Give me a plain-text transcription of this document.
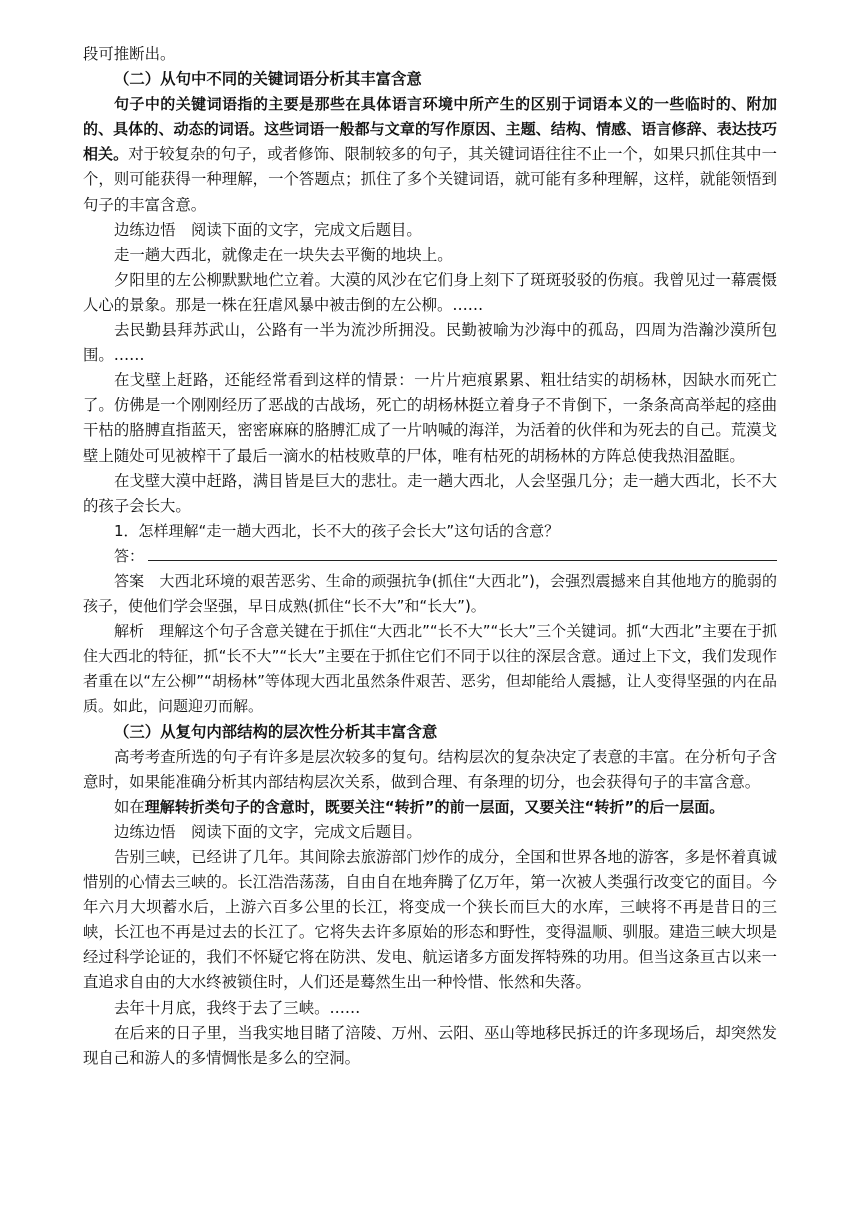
段可推断出。

（二）从句中不同的关键词语分析其丰富含意

句子中的关键词语指的主要是那些在具体语言环境中所产生的区别于词语本义的一些临时的、附加的、具体的、动态的词语。这些词语一般都与文章的写作原因、主题、结构、情感、语言修辞、表达技巧相关。对于较复杂的句子，或者修饰、限制较多的句子，其关键词语往往不止一个，如果只抓住其中一个，则可能获得一种理解，一个答题点；抓住了多个关键词语，就可能有多种理解，这样，就能领悟到句子的丰富含意。

边练边悟　阅读下面的文字，完成文后题目。

走一趟大西北，就像走在一块失去平衡的地块上。

夕阳里的左公柳默默地伫立着。大漠的风沙在它们身上刻下了斑斑驳驳的伤痕。我曾见过一幕震慑人心的景象。那是一株在狂虐风暴中被击倒的左公柳。……

去民勤县拜苏武山，公路有一半为流沙所拥没。民勤被喻为沙海中的孤岛，四周为浩瀚沙漠所包围。……

在戈壁上赶路，还能经常看到这样的情景：一片片疤痕累累、粗壮结实的胡杨林，因缺水而死亡了。仿佛是一个刚刚经历了恶战的古战场，死亡的胡杨林挺立着身子不肯倒下，一条条高高举起的痉曲干枯的胳膊直指蓝天，密密麻麻的胳膊汇成了一片呐喊的海洋，为活着的伙伴和为死去的自己。荒漠戈壁上随处可见被榨干了最后一滴水的枯枝败草的尸体，唯有枯死的胡杨林的方阵总使我热泪盈眶。

在戈壁大漠中赶路，满目皆是巨大的悲壮。走一趟大西北，人会坚强几分；走一趟大西北，长不大的孩子会长大。

1．怎样理解“走一趟大西北，长不大的孩子会长大”这句话的含意？

答：

答案　大西北环境的艰苦恶劣、生命的顽强抗争(抓住“大西北”)，会强烈震撼来自其他地方的脆弱的孩子，使他们学会坚强，早日成熟(抓住“长不大”和“长大”)。

解析　理解这个句子含意关键在于抓住“大西北”“长不大”“长大”三个关键词。抓“大西北”主要在于抓住大西北的特征，抓“长不大”“长大”主要在于抓住它们不同于以往的深层含意。通过上下文，我们发现作者重在以“左公柳”“胡杨林”等体现大西北虽然条件艰苦、恶劣，但却能给人震撼，让人变得坚强的内在品质。如此，问题迎刃而解。

（三）从复句内部结构的层次性分析其丰富含意

高考考查所选的句子有许多是层次较多的复句。结构层次的复杂决定了表意的丰富。在分析句子含意时，如果能准确分析其内部结构层次关系，做到合理、有条理的切分，也会获得句子的丰富含意。

如在理解转折类句子的含意时，既要关注“转折”的前一层面，又要关注“转折”的后一层面。

边练边悟　阅读下面的文字，完成文后题目。

告别三峡，已经讲了几年。其间除去旅游部门炒作的成分，全国和世界各地的游客，多是怀着真诚惜别的心情去三峡的。长江浩浩荡荡，自由自在地奔腾了亿万年，第一次被人类强行改变它的面目。今年六月大坝蓄水后，上游六百多公里的长江，将变成一个狭长而巨大的水库，三峡将不再是昔日的三峡，长江也不再是过去的长江了。它将失去许多原始的形态和野性，变得温顺、驯服。建造三峡大坝是经过科学论证的，我们不怀疑它将在防洪、发电、航运诸多方面发挥特殊的功用。但当这条亘古以来一直追求自由的大水终被锁住时，人们还是蓦然生出一种怜惜、怅然和失落。

去年十月底，我终于去了三峡。……

在后来的日子里，当我实地目睹了涪陵、万州、云阳、巫山等地移民拆迁的许多现场后，却突然发现自己和游人的多情惆怅是多么的空洞。
